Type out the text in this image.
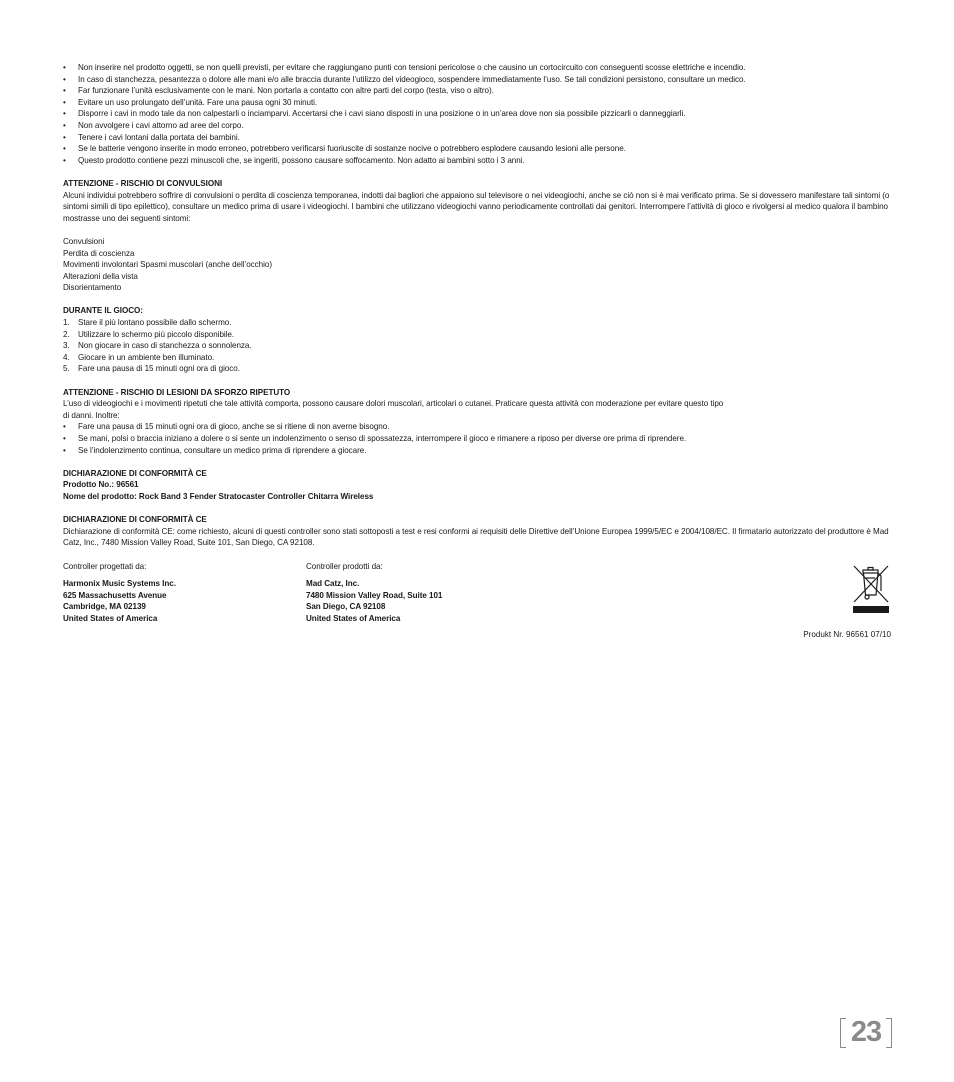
• Non inserire nel prodotto oggetti, se non quelli previsti, per evitare che raggiungano punti con tensioni pericolose o che causino un cortocircuito con conseguenti scosse elettriche e incendio.
• In caso di stanchezza, pesantezza o dolore alle mani e/o alle braccia durante l’utilizzo del videogioco, sospendere immediatamente l’uso. Se tali condizioni persistono, consultare un medico.
• Far funzionare l’unità esclusivamente con le mani. Non portarla a contatto con altre parti del corpo (testa, viso o altro).
• Evitare un uso prolungato dell’unità. Fare una pausa ogni 30 minuti.
• Disporre i cavi in modo tale da non calpestarli o inciamparvi. Accertarsi che i cavi siano disposti in una posizione o in un’area dove non sia possibile pizzicarli o danneggiarli.
• Non avvolgere i cavi attorno ad aree del corpo.
• Tenere i cavi lontani dalla portata dei bambini.
• Se le batterie vengono inserite in modo erroneo, potrebbero verificarsi fuoriuscite di sostanze nocive o potrebbero esplodere causando lesioni alle persone.
• Questo prodotto contiene pezzi minuscoli che, se ingeriti, possono causare soffocamento. Non adatto ai bambini sotto i 3 anni.

ATTENZIONE - RISCHIO DI CONVULSIONI

Alcuni individui potrebbero soffrire di convulsioni o perdita di coscienza temporanea, indotti dai bagliori che appaiono sul televisore o nei videogiochi, anche se ciò non si è mai verificato prima. Se si dovessero manifestare tali sintomi (o sintomi simili di tipo epilettico), consultare un medico prima di usare i videogiochi. I bambini che utilizzano videogiochi vanno periodicamente controllati dai genitori. Interrompere l’attività di gioco e rivolgersi al medico qualora il bambino mostrasse uno dei seguenti sintomi:

Convulsioni
Perdita di coscienza
Movimenti involontari Spasmi muscolari (anche dell’occhio)
Alterazioni della vista
Disorientamento

DURANTE IL GIOCO:

1. Stare il più lontano possibile dallo schermo.
2. Utilizzare lo schermo più piccolo disponibile.
3. Non giocare in caso di stanchezza o sonnolenza.
4. Giocare in un ambiente ben illuminato.
5. Fare una pausa di 15 minuti ogni ora di gioco.

ATTENZIONE - RISCHIO DI LESIONI DA SFORZO RIPETUTO

L’uso di videogiochi e i movimenti ripetuti che tale attività comporta, possono causare dolori muscolari, articolari o cutanei. Praticare questa attività con moderazione per evitare questo tipo

di danni. Inoltre:

• Fare una pausa di 15 minuti ogni ora di gioco, anche se si ritiene di non averne bisogno.
• Se mani, polsi o braccia iniziano a dolere o si sente un indolenzimento o senso di spossatezza, interrompere il gioco e rimanere a riposo per diverse ore prima di riprendere.
• Se l’indolenzimento continua, consultare un medico prima di riprendere a giocare.

DICHIARAZIONE DI CONFORMITÀ CE

Prodotto No.: 96561

Nome del prodotto: Rock Band 3 Fender Stratocaster Controller Chitarra Wireless

DICHIARAZIONE DI CONFORMITÀ CE

Dichiarazione di conformità CE: come richiesto, alcuni di questi controller sono stati sottoposti a test e resi conformi ai requisiti delle Direttive dell’Unione Europea 1999/5/EC e 2004/108/EC. Il firmatario autorizzato del produttore è Mad Catz, Inc., 7480 Mission Valley Road, Suite 101, San Diego, CA 92108.

Controller progettati da:
Harmonix Music Systems Inc.
625 Massachusetts Avenue
Cambridge, MA 02139
United States of America
Controller prodotti da:
Mad Catz, Inc.
7480 Mission Valley Road, Suite 101
San Diego, CA 92108
United States of America
Produkt Nr. 96561 07/10
23
